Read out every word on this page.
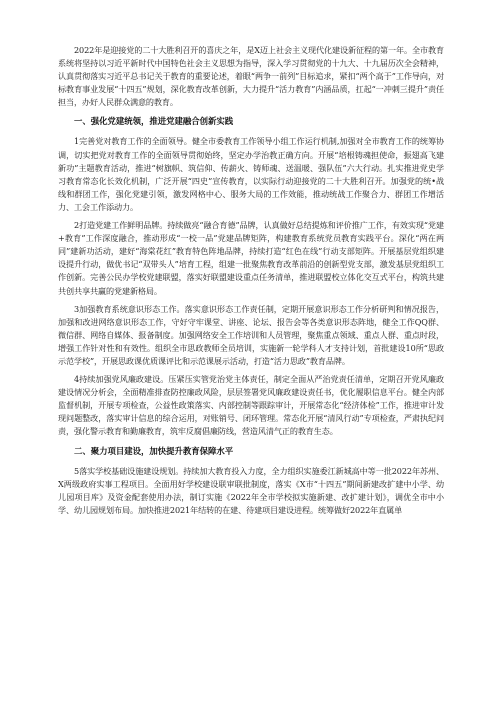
2022年是迎接党的二十大胜利召开的喜庆之年，是X迈上社会主义现代化建设新征程的第一年。全市教育系统将坚持以习近平新时代中国特色社会主义思想为指导，深入学习贯彻党的十九大、十九届历次全会精神，认真贯彻落实习近平总书记关于教育的重要论述，着眼“两争一前列”目标追求，紧扣“两个高于”工作导向，对标教育事业发展“十四五”规划，深化教育改革创新，大力提升“活力教育”内涵品质，扛起“一冲刺三提升”责任担当，办好人民群众满意的教育。

一、强化党建统领，推进党建融合创新实践

1完善党对教育工作的全面领导。健全市委教育工作领导小组工作运行机制,加强对全市教育工作的统筹协调，切实把党对教育工作的全面领导贯彻始终，坚定办学治教正确方向。开展“培根铸魂担使命，振翅高飞建新功”主题教育活动，推进“树旗帜、筑信仰、传薪火、铸师魂、送温暖、强队伍”六大行动。扎实推进党史学习教育常态化长效化机制，广泛开展“四史”宣传教育，以实际行动迎接党的二十大胜利召开。加强党的统•战线和群团工作，强化党建引领，激发网格中心、服务大局的工作效能，推动统战工作聚合力、群团工作增活力、工会工作添动力。

2打造党建工作鲜明品牌。持续做亮“融合育德”品牌，认真做好总结提炼和评价推广工作，有效实现“党建+教育”工作深度融合，推动形成“一校一品”党建品牌矩阵，构建教育系统党员教育实践平台。深化“两在两同”建新功活动，建好“海棠花红”教育特色阵地品牌，持续打造“红色在线”行动支部矩阵。开展基层党组织建设提升行动，做优书记“双带头人”培育工程，组建一批聚焦教育改革前沿的创新型党支部，激发基层党组织工作创新。完善公民办学校党建联盟，落实好联盟建设重点任务清单，推进联盟校立体化交互式平台，构筑共建共创共享共赢的党建新格局。

3加强教育系统意识形态工作。落实意识形态工作责任制，定期开展意识形态工作分析研判和情况报告，加强和改进网络意识形态工作，守好守牢课堂、讲座、论坛、报告会等各类意识形态阵地，健全工作QQ群、微信群、网络自媒体、报备制度。加强网络安全工作培训和人员管理，聚焦重点领域、重点人群、重点时段，增强工作针对性和有效性。组织全市思政教师全员培训，实施新一轮学科人才支持计划，首批建设10所“思政示范学校”，开展思政课优质课评比和示范课展示活动，打造“活力思政”教育品牌。

4持续加强党风廉政建设。压紧压实管党治党主体责任，制定全面从严治党责任清单，定期召开党风廉政建设情况分析会，全面精准排查防控廉政风险，层层签署党风廉政建设责任书，优化履职信息平台。健全内部监督机制，开展专项检查，公益性政策落实、内部控制等跟踪审计，开展常态化“经济体检”工作，推进审计发现问题整改，落实审计信息的综合运用，对账销号、闭环管理。常态化开展“清风行动”专项检查，严肃执纪问责，强化警示教育和勤廉教育，筑牢反腐倡廉防线，营造风清气正的教育生态。

二、聚力项目建设，加快提升教育保障水平

5落实学校基础设施建设规划。持续加大教育投入力度，全力组织实施委江新城高中等一批2022年苏州、X两级政府实事工程项目。全面用好学校建设联审联批制度，落实《X市“十四五”期间新建改扩建中小学、幼儿园项目库》及资金配套使用办法，制订实施《2022年全市学校拟实施新建、改扩建计划》，调优全市中小学、幼儿园规划布局。加快推进2021年结转的在建、待建项目建设进程。统筹做好2022年直属单
